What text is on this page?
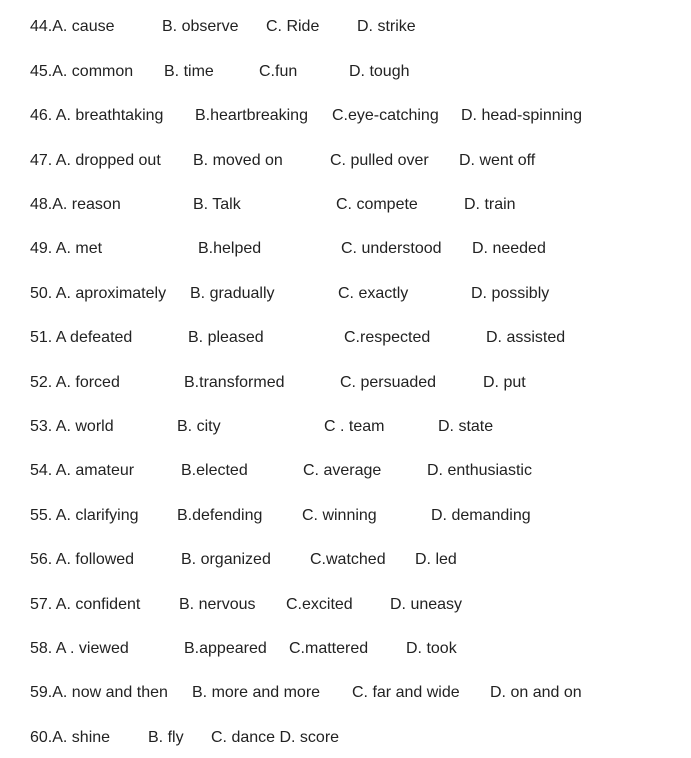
44.A. cause	B. observe C. Ride D. strike
45.A. common B. time	C.fun	D. tough
46. A. breathtaking B.heartbreaking C.eye-catching D. head-spinning
47. A. dropped out B. moved on	C. pulled over D. went off
48.A. reason	B. Talk	C. compete	D. train
49. A. met	B.helped	C. understood D. needed
50. A. aproximately B. gradually	C. exactly	D. possibly
51. A defeated	B. pleased	C.respected	D. assisted
52. A. forced	B.transformed	C. persuaded	D. put
53. A. world	B. city	C . team	D. state
54. A. amateur	B.elected	C. average	D. enthusiastic
55. A. clarifying B.defending C. winning	D. demanding
56. A. followed	B. organized C.watched D. led
57. A. confident B. nervous C.excited D. uneasy
58. A . viewed	B.appeared C.mattered D. took
59.A. now and then B. more and more C. far and wide D. on and on
60.A. shine B. fly C. dance D. score
